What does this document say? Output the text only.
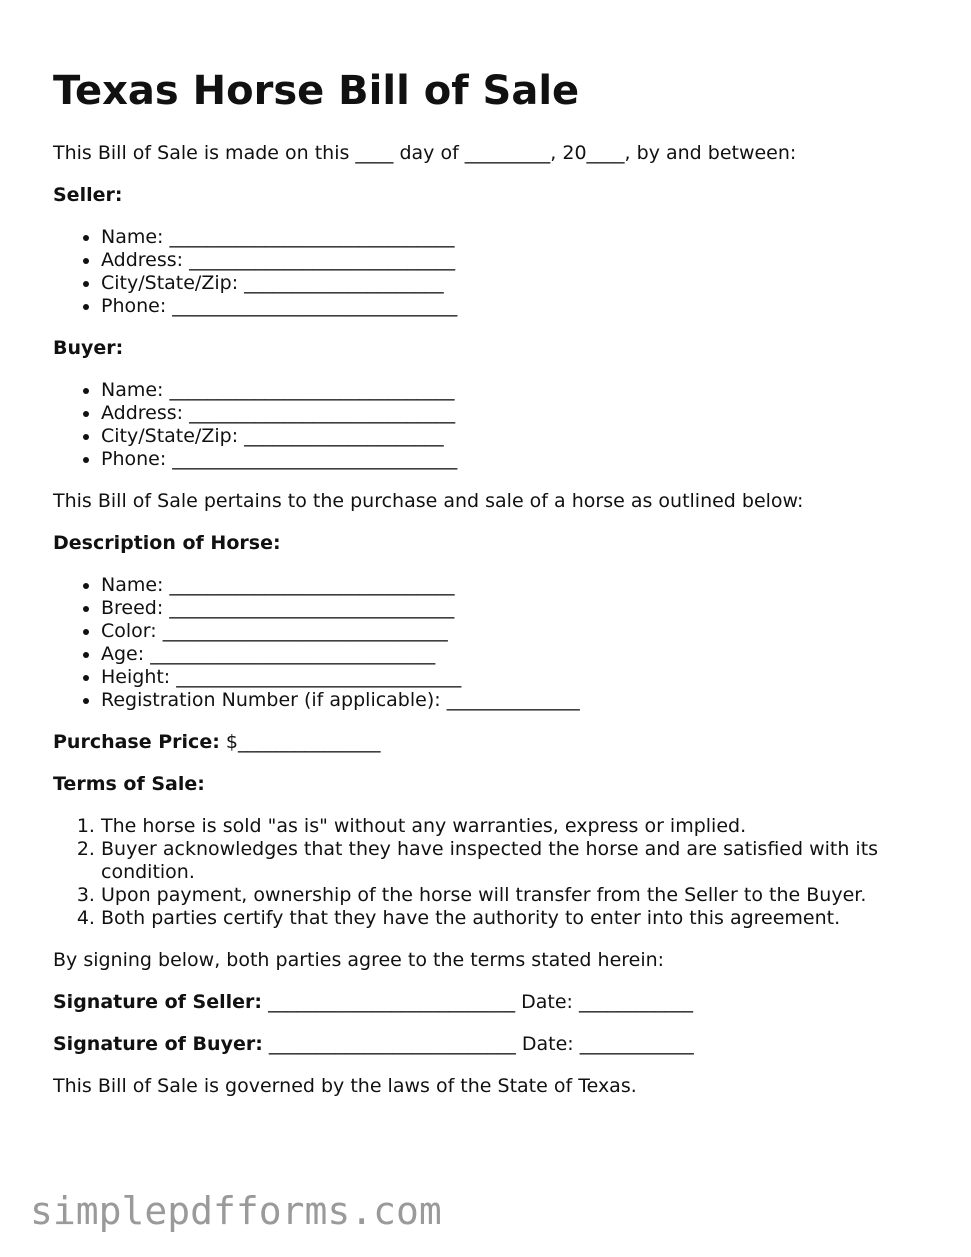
Texas Horse Bill of Sale

This Bill of Sale is made on this ____ day of _________, 20____, by and between:

Seller:

• Name: ______________________________
• Address: ____________________________
• City/State/Zip: _____________________
• Phone: ______________________________

Buyer:

• Name: ______________________________
• Address: ____________________________
• City/State/Zip: _____________________
• Phone: ______________________________

This Bill of Sale pertains to the purchase and sale of a horse as outlined below:

Description of Horse:

• Name: ______________________________
• Breed: ______________________________
• Color: ______________________________
• Age: ______________________________
• Height: ______________________________
• Registration Number (if applicable): ______________

Purchase Price: $_______________

Terms of Sale:

1. The horse is sold "as is" without any warranties, express or implied.
2. Buyer acknowledges that they have inspected the horse and are satisfied with its condition.
3. Upon payment, ownership of the horse will transfer from the Seller to the Buyer.
4. Both parties certify that they have the authority to enter into this agreement.

By signing below, both parties agree to the terms stated herein:

Signature of Seller: __________________________ Date: ____________

Signature of Buyer: __________________________ Date: ____________

This Bill of Sale is governed by the laws of the State of Texas.

simplepdfforms.com
